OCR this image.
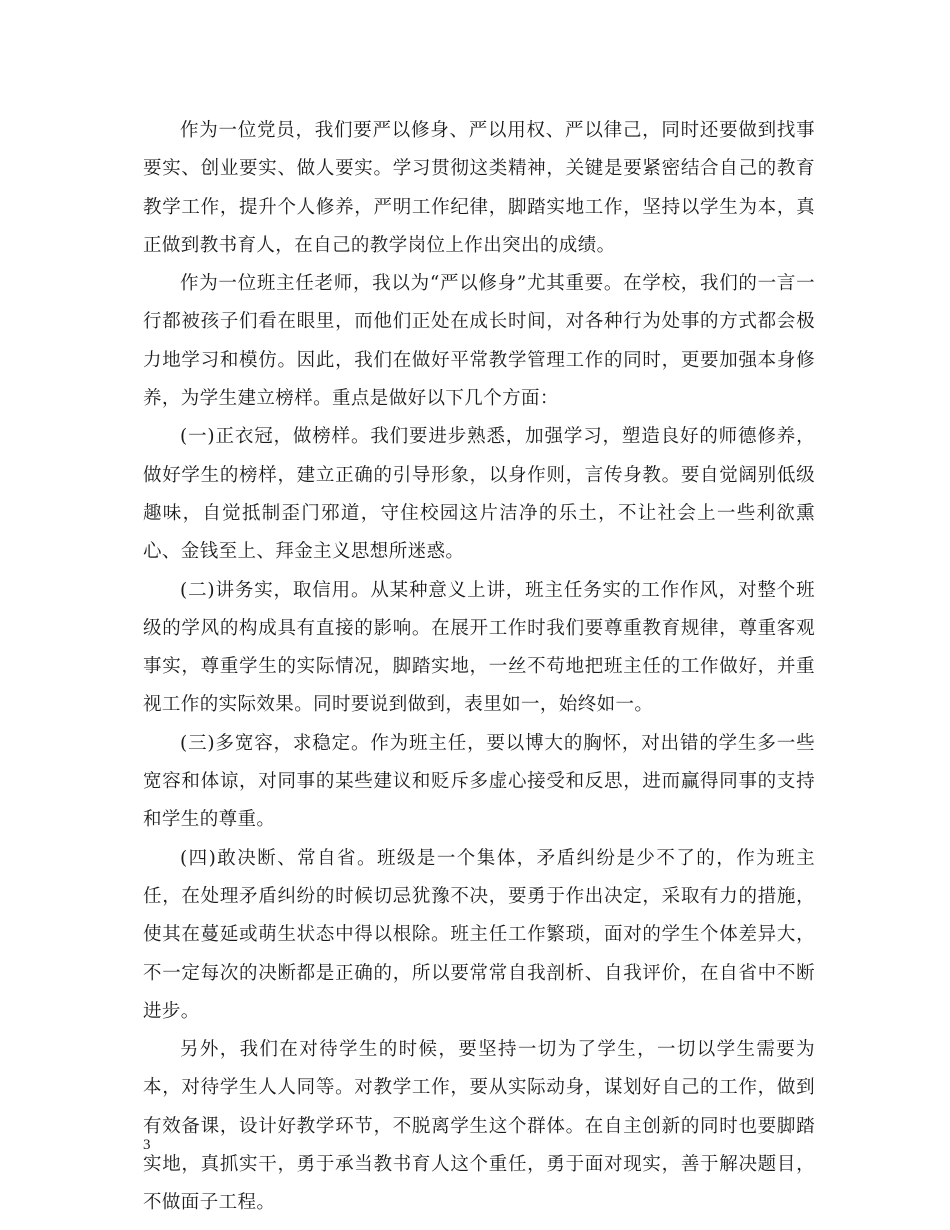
作为一位党员，我们要严以修身、严以用权、严以律己，同时还要做到找事要实、创业要实、做人要实。学习贯彻这类精神，关键是要紧密结合自己的教育教学工作，提升个人修养，严明工作纪律，脚踏实地工作，坚持以学生为本，真正做到教书育人，在自己的教学岗位上作出突出的成绩。

作为一位班主任老师，我以为“严以修身”尤其重要。在学校，我们的一言一行都被孩子们看在眼里，而他们正处在成长时间，对各种行为处事的方式都会极力地学习和模仿。因此，我们在做好平常教学管理工作的同时，更要加强本身修养，为学生建立榜样。重点是做好以下几个方面：

(一)正衣冠，做榜样。我们要进步熟悉，加强学习，塑造良好的师德修养，做好学生的榜样，建立正确的引导形象，以身作则，言传身教。要自觉阔别低级趣味，自觉抵制歪门邪道，守住校园这片洁净的乐土，不让社会上一些利欲熏心、金钱至上、拜金主义思想所迷惑。

(二)讲务实，取信用。从某种意义上讲，班主任务实的工作作风，对整个班级的学风的构成具有直接的影响。在展开工作时我们要尊重教育规律，尊重客观事实，尊重学生的实际情况，脚踏实地，一丝不苟地把班主任的工作做好，并重视工作的实际效果。同时要说到做到，表里如一，始终如一。

(三)多宽容，求稳定。作为班主任，要以博大的胸怀，对出错的学生多一些宽容和体谅，对同事的某些建议和贬斥多虚心接受和反思，进而赢得同事的支持和学生的尊重。

(四)敢决断、常自省。班级是一个集体，矛盾纠纷是少不了的，作为班主任，在处理矛盾纠纷的时候切忌犹豫不决，要勇于作出决定，采取有力的措施，使其在蔓延或萌生状态中得以根除。班主任工作繁琐，面对的学生个体差异大，不一定每次的决断都是正确的，所以要常常自我剖析、自我评价，在自省中不断进步。

另外，我们在对待学生的时候，要坚持一切为了学生，一切以学生需要为本，对待学生人人同等。对教学工作，要从实际动身，谋划好自己的工作，做到有效备课，设计好教学环节，不脱离学生这个群体。在自主创新的同时也要脚踏实地，真抓实干，勇于承当教书育人这个重任，勇于面对现实，善于解决题目，不做面子工程。

3
